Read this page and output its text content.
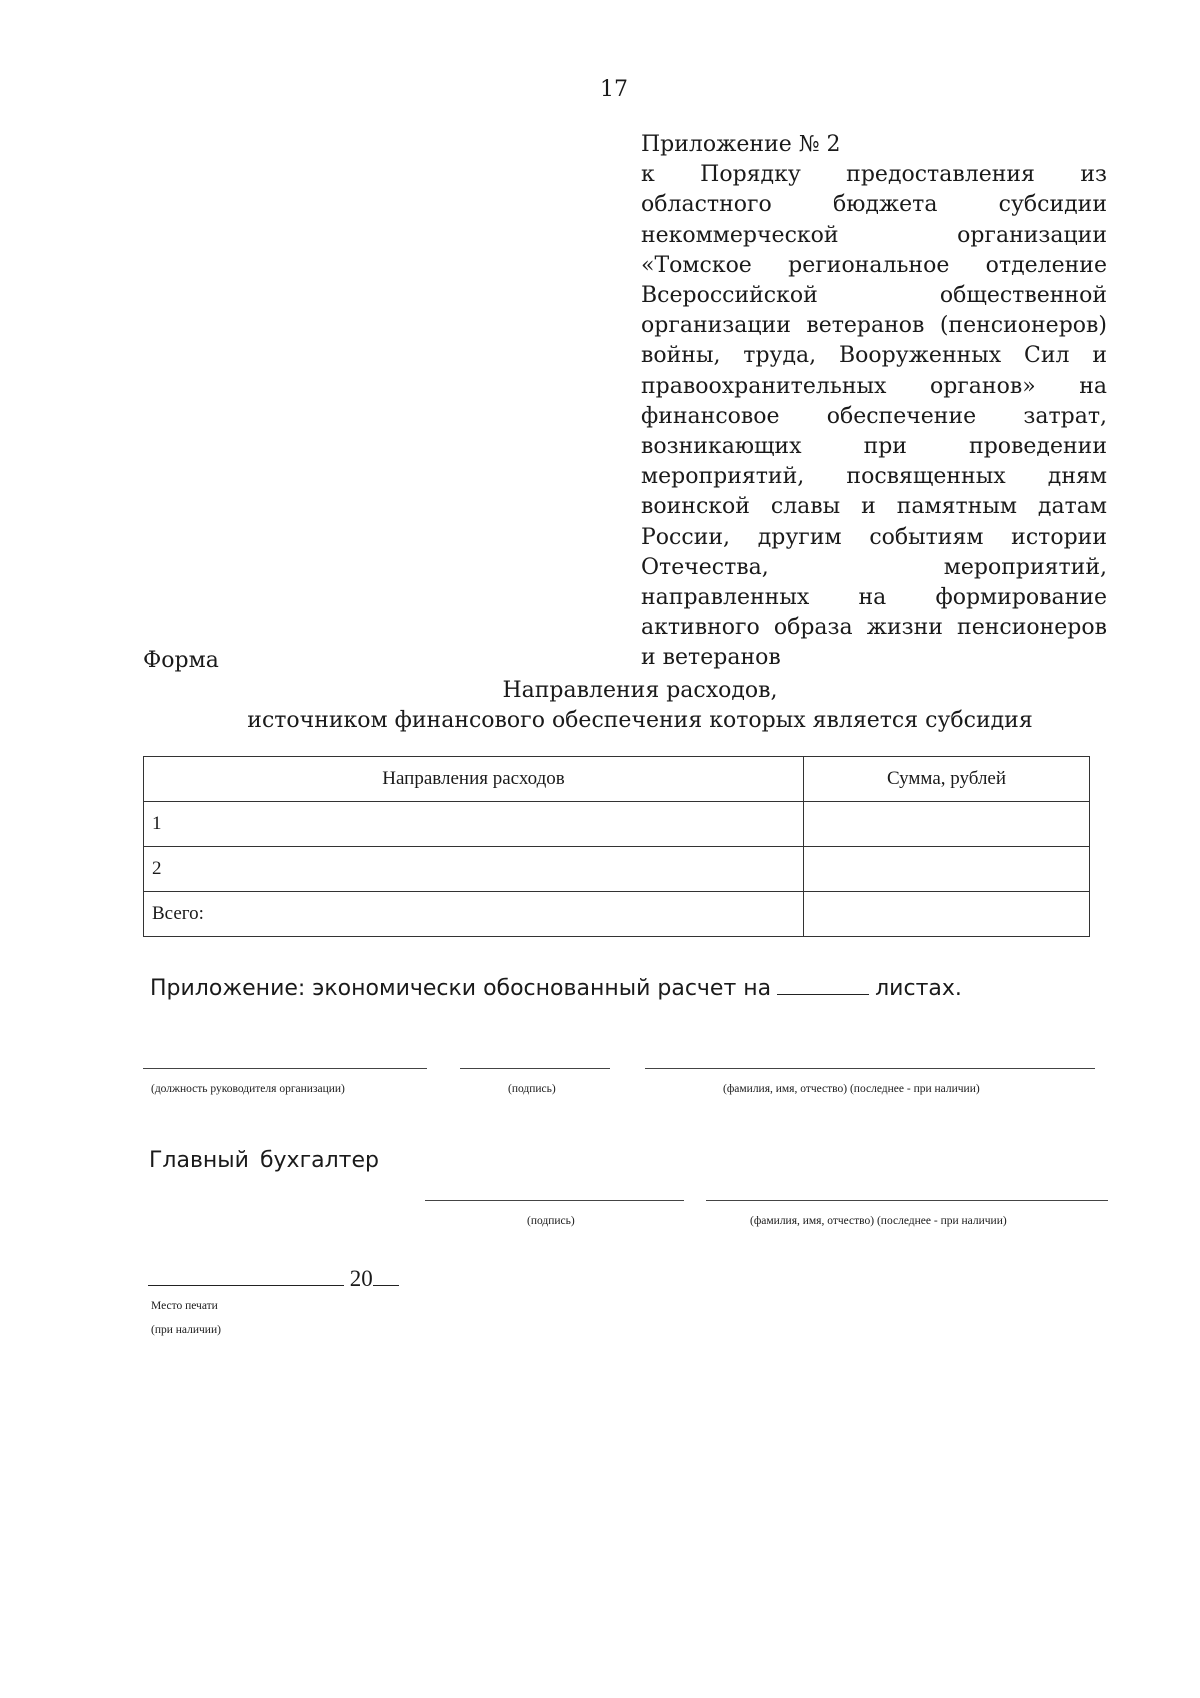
17

Приложение № 2

к Порядку предоставления из областного бюджета субсидии некоммерческой организации «Томское региональное отделение Всероссийской общественной организации ветеранов (пенсионеров) войны, труда, Вооруженных Сил и правоохранительных органов» на финансовое обеспечение затрат, возникающих при проведении мероприятий, посвященных дням воинской славы и памятным датам России, другим событиям истории Отечества, мероприятий, направленных на формирование активного образа жизни пенсионеров и ветеранов

Форма
Направления расходов,
источником финансового обеспечения которых является субсидия
Направления расходов	Сумма, рублей
1	
2	
Всего:	
Приложение: экономически обоснованный расчет на	листах.
(должность руководителя организации)	(подпись)	(фамилия, имя, отчество) (последнее - при наличии)
Главный бухгалтер
(подпись)	(фамилия, имя, отчество) (последнее - при наличии)
20
Место печати
(при наличии)
